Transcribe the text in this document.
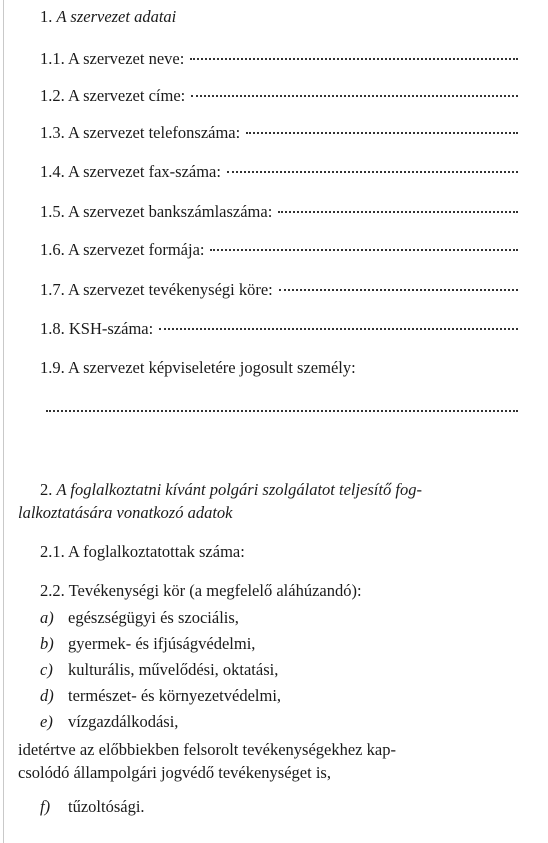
1.
A szervezet adatai
1.1. A szervezet neve:
1.2. A szervezet címe:
1.3. A szervezet telefonszáma:
1.4. A szervezet fax-száma:
1.5. A szervezet bankszámlaszáma:
1.6. A szervezet formája:
1.7. A szervezet tevékenységi köre:
1.8. KSH-száma:
1.9. A szervezet képviseletére jogosult személy:
2. A foglalkoztatni kívánt polgári szolgálatot teljesítő fog-
lalkoztatására vonatkozó adatok
2.1. A foglalkoztatottak száma:
2.2. Tevékenységi kör (a megfelelő aláhúzandó):
a) egészségügyi és szociális,
b) gyermek- és ifjúságvédelmi,
c) kulturális, művelődési, oktatási,
d) természet- és környezetvédelmi,
e) vízgazdálkodási,
idetértve az előbbiekben felsorolt tevékenységekhez kap-
csolódó állampolgári jogvédő tevékenységet is,
f) tűzoltósági.
